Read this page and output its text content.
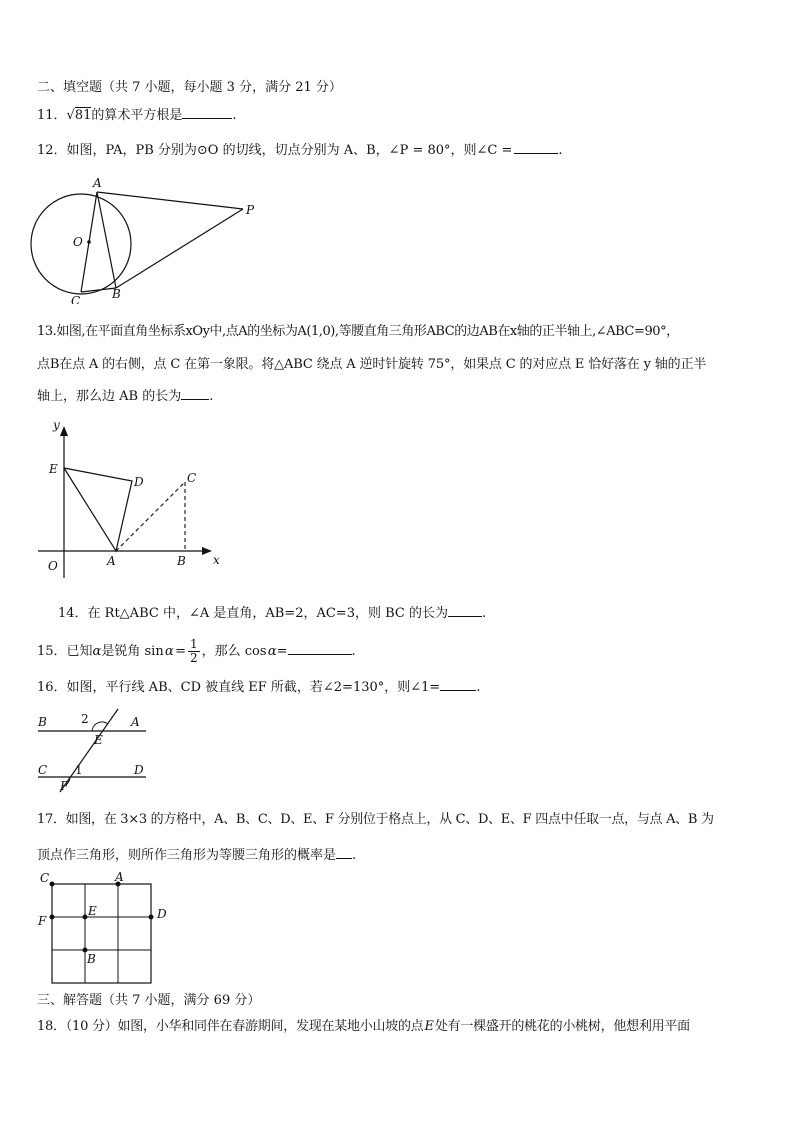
二、填空题（共 7 小题，每小题 3 分，满分 21 分）
11．√81的算术平方根是	.
12．如图，PA，PB 分别为⊙O 的切线，切点分别为 A、B，∠P = 80°，则∠C =	.
A
O
P
C	B
13.如图,在平面直角坐标系xOy中,点A的坐标为A(1,0),等腰直角三角形ABC的边AB在x轴的正半轴上,∠ABC=90°，
点B在点 A 的右侧，点 C 在第一象限。将△ABC 绕点 A 逆时针旋转 75°，如果点 C 的对应点 E 恰好落在 y 轴的正半
轴上，那么边 AB 的长为 .
y
E
D	C
A	B x
O
14．在 Rt△ABC 中，∠A 是直角，AB=2，AC=3，则 BC 的长为	.
15．已知α是锐角 sin α = $\frac{1}{2}$ ，那么 cos α=	.
16．如图，平行线 AB、CD 被直线 EF 所截，若∠2=130°，则∠1=	.
B	2	A
E
C 1	D
F
17．如图，在 3×3 的方格中，A、B、C、D、E、F 分别位于格点上，从 C、D、E、F 四点中任取一点，与点 A、B 为
顶点作三角形，则所作三角形为等腰三角形的概率是 .
C	A
F
E	D
B
三、解答题（共 7 小题，满分 69 分）
18．（10 分）如图，小华和同伴在春游期间，发现在某地小山坡的点 E 处有一棵盛开的桃花的小桃树，他想利用平面
